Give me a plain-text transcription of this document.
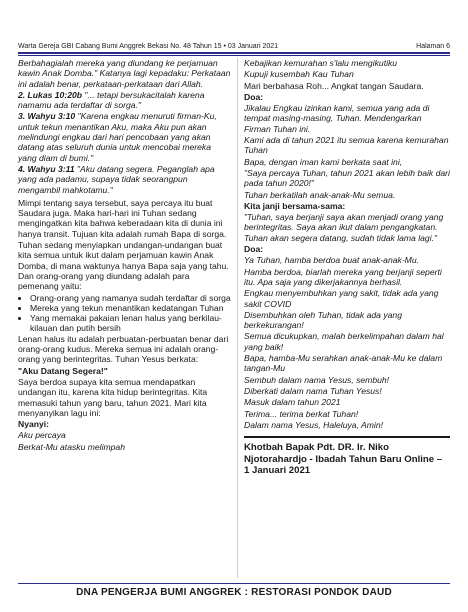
Warta Gereja GBI Cabang Bumi Anggrek Bekasi No. 48 Tahun 15 • 03 Januari 2021	Halaman 6

Berbahagialah mereka yang diundang ke perjamuan kawin Anak Domba." Katanya lagi kepadaku: Perkataan ini adalah benar, perkataan-perkataan dari Allah.

2. Lukas 10:20b "... tetapi bersukacitalah karena namamu ada terdaftar di sorga."

3. Wahyu 3:10 "Karena engkau menuruti firman-Ku, untuk tekun menantikan Aku, maka Aku pun akan melindungi engkau dari hari pencobaan yang akan datang atas seluruh dunia untuk mencobai mereka yang diam di bumi."

4. Wahyu 3:11 "Aku datang segera. Peganglah apa yang ada padamu, supaya tidak seorangpun mengambil mahkotamu."

Mimpi tentang saya tersebut, saya percaya itu buat Saudara juga. Maka hari-hari ini Tuhan sedang mengingatkan kita bahwa keberadaan kita di dunia ini hanya transit. Tujuan kita adalah rumah Bapa di sorga.

Tuhan sedang menyiapkan undangan-undangan buat kita semua untuk ikut dalam perjamuan kawin Anak Domba, di mana waktunya hanya Bapa saja yang tahu. Dan orang-orang yang diundang adalah para pemenang yaitu:

• Orang-orang yang namanya sudah terdaftar di sorga
• Mereka yang tekun menantikan kedatangan Tuhan
• Yang memakai pakaian lenan halus yang berkilau-kilauan dan putih bersih

Lenan halus itu adalah perbuatan-perbuatan benar dari orang-orang kudus. Mereka semua ini adalah orang-orang yang berintegritas. Tuhan Yesus berkata:

"Aku Datang Segera!"

Saya berdoa supaya kita semua mendapatkan undangan itu, karena kita hidup berintegritas. Kita memasuki tahun yang baru, tahun 2021. Mari kita menyanyikan lagu ini:

Nyanyi:

Aku percaya

Berkat-Mu atasku melimpah

Kebajikan kemurahan s'lalu mengikutiku

Kupuji kusembah Kau Tuhan

Mari berbahasa Roh... Angkat tangan Saudara.

Doa:

Jikalau Engkau izinkan kami, semua yang ada di tempat masing-masing, Tuhan. Mendengarkan Firman Tuhan ini.

Kami ada di tahun 2021 itu semua karena kemurahan Tuhan

Bapa, dengan iman kami berkata saat ini,

"Saya percaya Tuhan, tahun 2021 akan lebih baik dari pada tahun 2020!"

Tuhan berkatilah anak-anak-Mu semua.

Kita janji bersama-sama:

"Tuhan, saya berjanji saya akan menjadi orang yang berintegritas. Saya akan ikut dalam pengangkatan. Tuhan akan segera datang, sudah tidak lama lagi."

Doa:

Ya Tuhan, hamba berdoa buat anak-anak-Mu.

Hamba berdoa, biarlah mereka yang berjanji seperti itu. Apa saja yang dikerjakannya berhasil.

Engkau menyembuhkan yang sakit, tidak ada yang sakit COVID

Disembuhkan oleh Tuhan, tidak ada yang berkekurangan!

Semua dicukupkan, malah berkelimpahan dalam hal yang baik!

Bapa, hamba-Mu serahkan anak-anak-Mu ke dalam tangan-Mu

Sembuh dalam nama Yesus, sembuh!

Diberkati dalam nama Tuhan Yesus!

Masuk dalam tahun 2021

Terima... terima berkat Tuhan!

Dalam nama Yesus, Haleluya, Amin!

Khotbah Bapak Pdt. DR. Ir. Niko Njotorahardjo - Ibadah Tahun Baru Online – 1 Januari 2021

DNA PENGERJA BUMI ANGGREK : RESTORASI PONDOK DAUD
